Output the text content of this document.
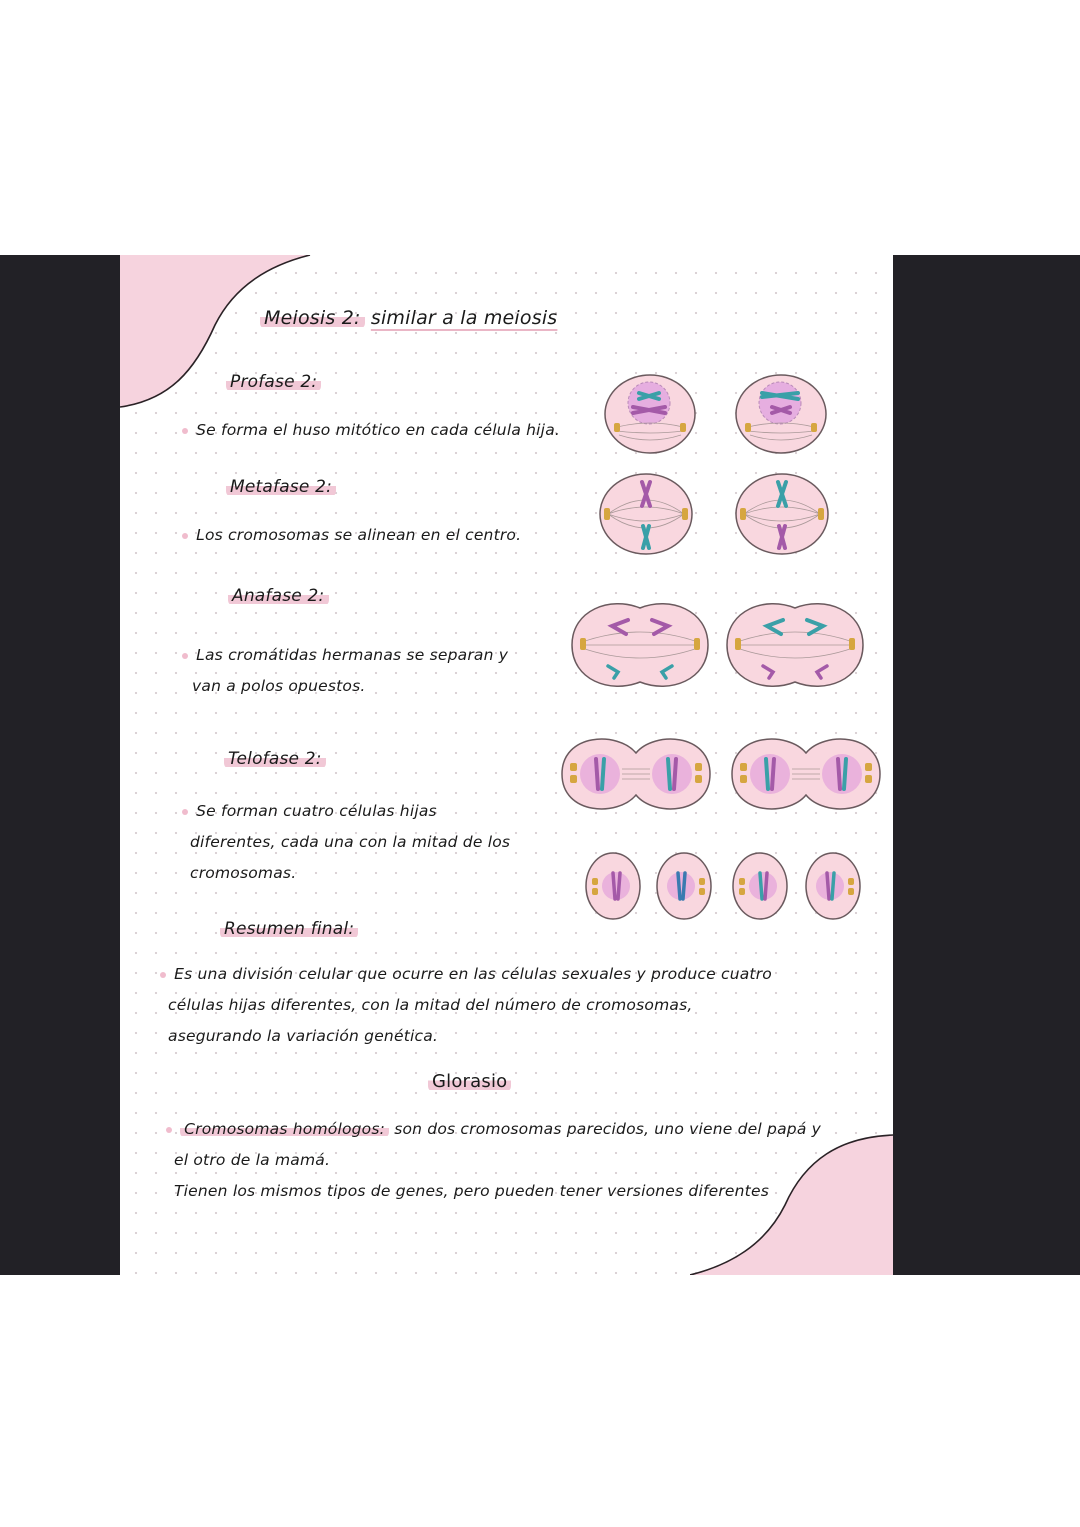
Meiosis 2: similar a la meiosis
Profase 2:
Se forma el huso mitótico en cada célula hija.
Metafase 2:
Los cromosomas se alinean en el centro.
Anafase 2:
Las cromátidas hermanas se separan y
van a polos opuestos.
Telofase 2:
Se forman cuatro células hijas
diferentes, cada una con la mitad de los
cromosomas.
Resumen final:
Es una división celular que ocurre en las células sexuales y produce cuatro
células hijas diferentes, con la mitad del número de cromosomas,
asegurando la variación genética.
Glorasio
Cromosomas homólogos: son dos cromosomas parecidos, uno viene del papá y
el otro de la mamá.
Tienen los mismos tipos de genes, pero pueden tener versiones diferentes
